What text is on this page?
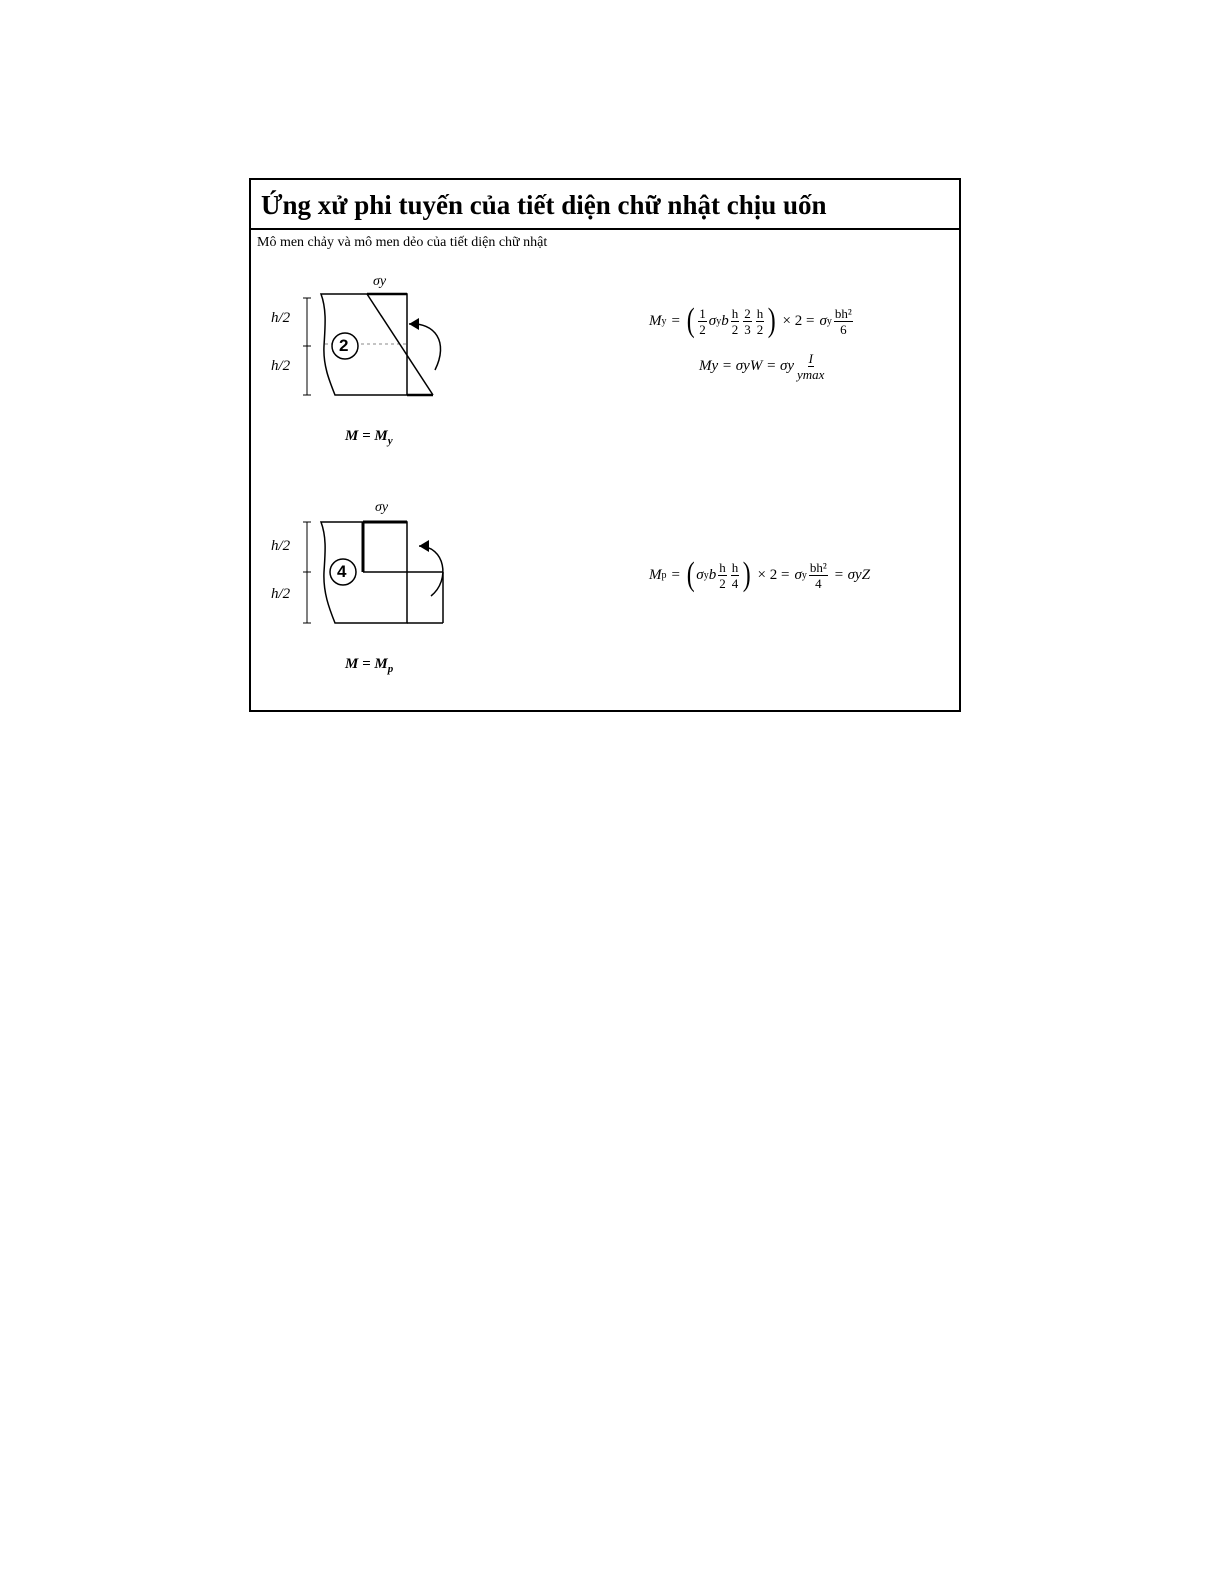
Ứng xử phi tuyến của tiết diện chữ nhật chịu uốn
Mô men chảy và mô men dẻo của tiết diện chữ nhật
σy
h/2
h/2
2
$M = M_y$
σy
h/2
h/2
4
$M = M_p$
M y = ( $\frac{1}{2}$ σ y b $\frac{h}{2} \frac{2}{3} \frac{h}{2}$ ) × 2 = σ y $\frac{\text{bh²}}{6}$
My = σyW = σy $\frac{I}{ymax}$
M p = ( σ y b $\frac{h}{2} \frac{h}{4}$ ) × 2 = σ y $\frac{\text{bh²}}{4} = \sigma yZ$
